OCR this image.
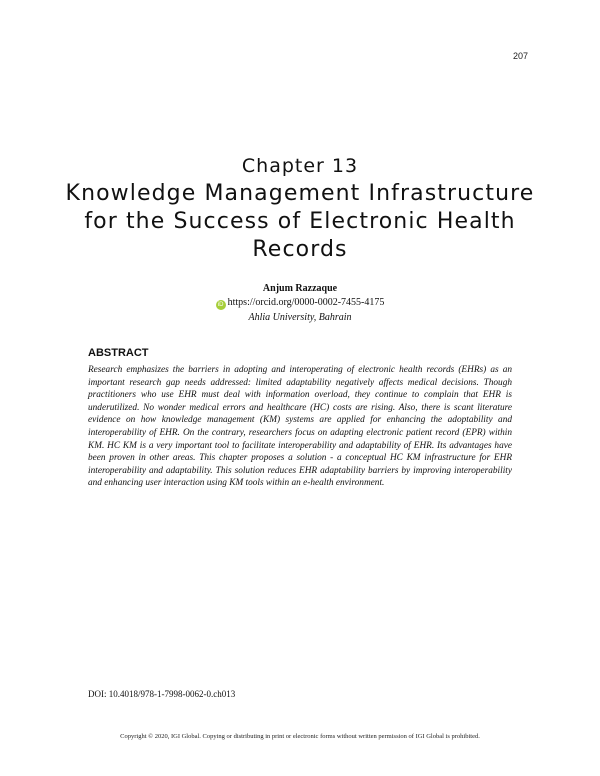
207
Chapter 13
Knowledge Management Infrastructure for the Success of Electronic Health Records
Anjum Razzaque
iD https://orcid.org/0000-0002-7455-4175
Ahlia University, Bahrain
ABSTRACT
Research emphasizes the barriers in adopting and interoperating of electronic health records (EHRs) as an important research gap needs addressed: limited adaptability negatively affects medical decisions. Though practitioners who use EHR must deal with information overload, they continue to complain that EHR is underutilized. No wonder medical errors and healthcare (HC) costs are rising. Also, there is scant literature evidence on how knowledge management (KM) systems are applied for enhancing the adoptability and interoperability of EHR. On the contrary, researchers focus on adapting electronic patient record (EPR) within KM. HC KM is a very important tool to facilitate interoperability and adaptability of EHR. Its advantages have been proven in other areas. This chapter proposes a solution - a conceptual HC KM infrastructure for EHR interoperability and adaptability. This solution reduces EHR adaptability barriers by improving interoperability and enhancing user interaction using KM tools within an e-health environment.
DOI: 10.4018/978-1-7998-0062-0.ch013
Copyright © 2020, IGI Global. Copying or distributing in print or electronic forms without written permission of IGI Global is prohibited.
